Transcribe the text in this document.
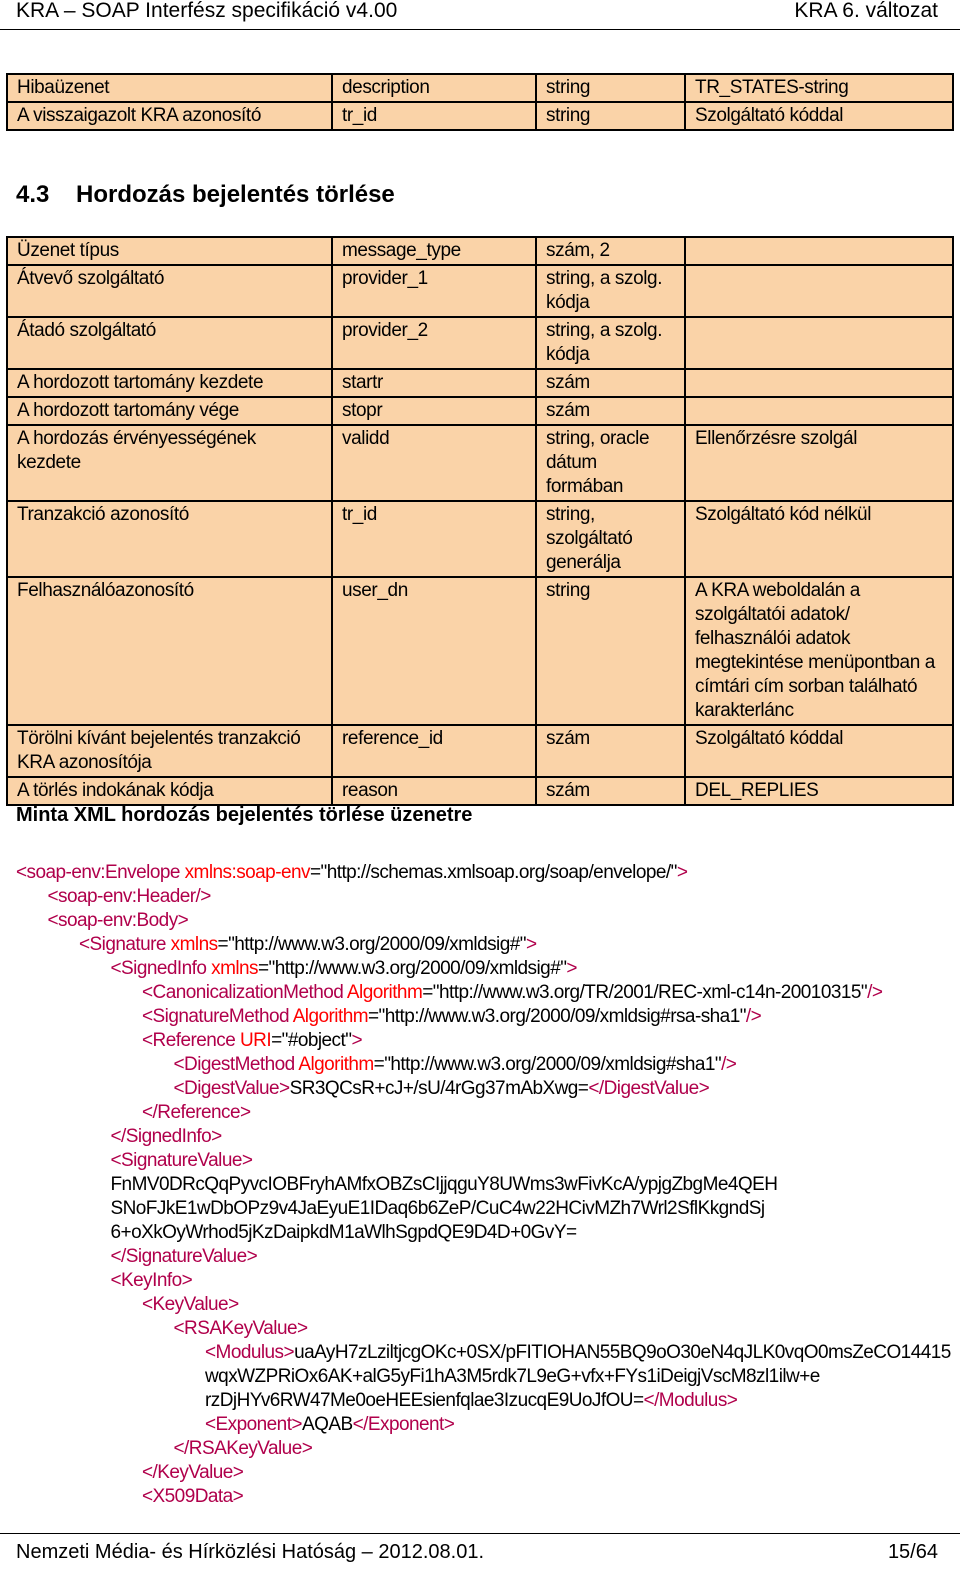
KRA – SOAP Interfész specifikáció v4.00	KRA 6. változat
Hibaüzenet	description	string	TR_STATES-string
A visszaigazolt KRA azonosító	tr_id	string	Szolgáltató kóddal
4.3 Hordozás bejelentés törlése
Üzenet típus	message_type	szám, 2	
Átvevő szolgáltató	provider_1	string, a szolg. kódja	
Átadó szolgáltató	provider_2	string, a szolg. kódja	
A hordozott tartomány kezdete	startr	szám	
A hordozott tartomány vége	stopr	szám	
A hordozás érvényességének kezdete	validd	string, oracle dátum formában	Ellenőrzésre szolgál
Tranzakció azonosító	tr_id	string, szolgáltató generálja	Szolgáltató kód nélkül
Felhasználóazonosító	user_dn	string	A KRA weboldalán a szolgáltatói adatok/ felhasználói adatok megtekintése menüpontban a címtári cím sorban található karakterlánc
Törölni kívánt bejelentés tranzakció KRA azonosítója	reference_id	szám	Szolgáltató kóddal
A törlés indokának kódja	reason	szám	DEL_REPLIES
Minta XML hordozás bejelentés törlése üzenetre
<soap-env:Envelope xmlns:soap-env="http://schemas.xmlsoap.org/soap/envelope/">
<soap-env:Header/>
<soap-env:Body>
<Signature xmlns="http://www.w3.org/2000/09/xmldsig#">
<SignedInfo xmlns="http://www.w3.org/2000/09/xmldsig#">
<CanonicalizationMethod Algorithm="http://www.w3.org/TR/2001/REC-xml-c14n-20010315"/>
<SignatureMethod Algorithm="http://www.w3.org/2000/09/xmldsig#rsa-sha1"/>
<Reference URI="#object">
<DigestMethod Algorithm="http://www.w3.org/2000/09/xmldsig#sha1"/>
<DigestValue>SR3QCsR+cJ+/sU/4rGg37mAbXwg=</DigestValue>
</Reference>
</SignedInfo>
<SignatureValue>
FnMV0DRcQqPyvcIOBFryhAMfxOBZsCIjjqguY8UWms3wFivKcA/ypjgZbgMe4QEH
SNoFJkE1wDbOPz9v4JaEyuE1IDaq6b6ZeP/CuC4w22HCivMZh7Wrl2SflKkgndSj
6+oXkOyWrhod5jKzDaipkdM1aWlhSgpdQE9D4D+0GvY=
</SignatureValue>
<KeyInfo>
<KeyValue>
<RSAKeyValue>
<Modulus>uaAyH7zLziltjcgOKc+0SX/pFITIOHAN55BQ9oO30eN4qJLK0vqO0msZeCO14415
wqxWZPRiOx6AK+alG5yFi1hA3M5rdk7L9eG+vfx+FYs1iDeigjVscM8zl1ilw+e
rzDjHYv6RW47Me0oeHEEsienfqlae3IzucqE9UoJfOU=</Modulus>
<Exponent>AQAB</Exponent>
</RSAKeyValue>
</KeyValue>
<X509Data>
Nemzeti Média- és Hírközlési Hatóság – 2012.08.01.	15/64
